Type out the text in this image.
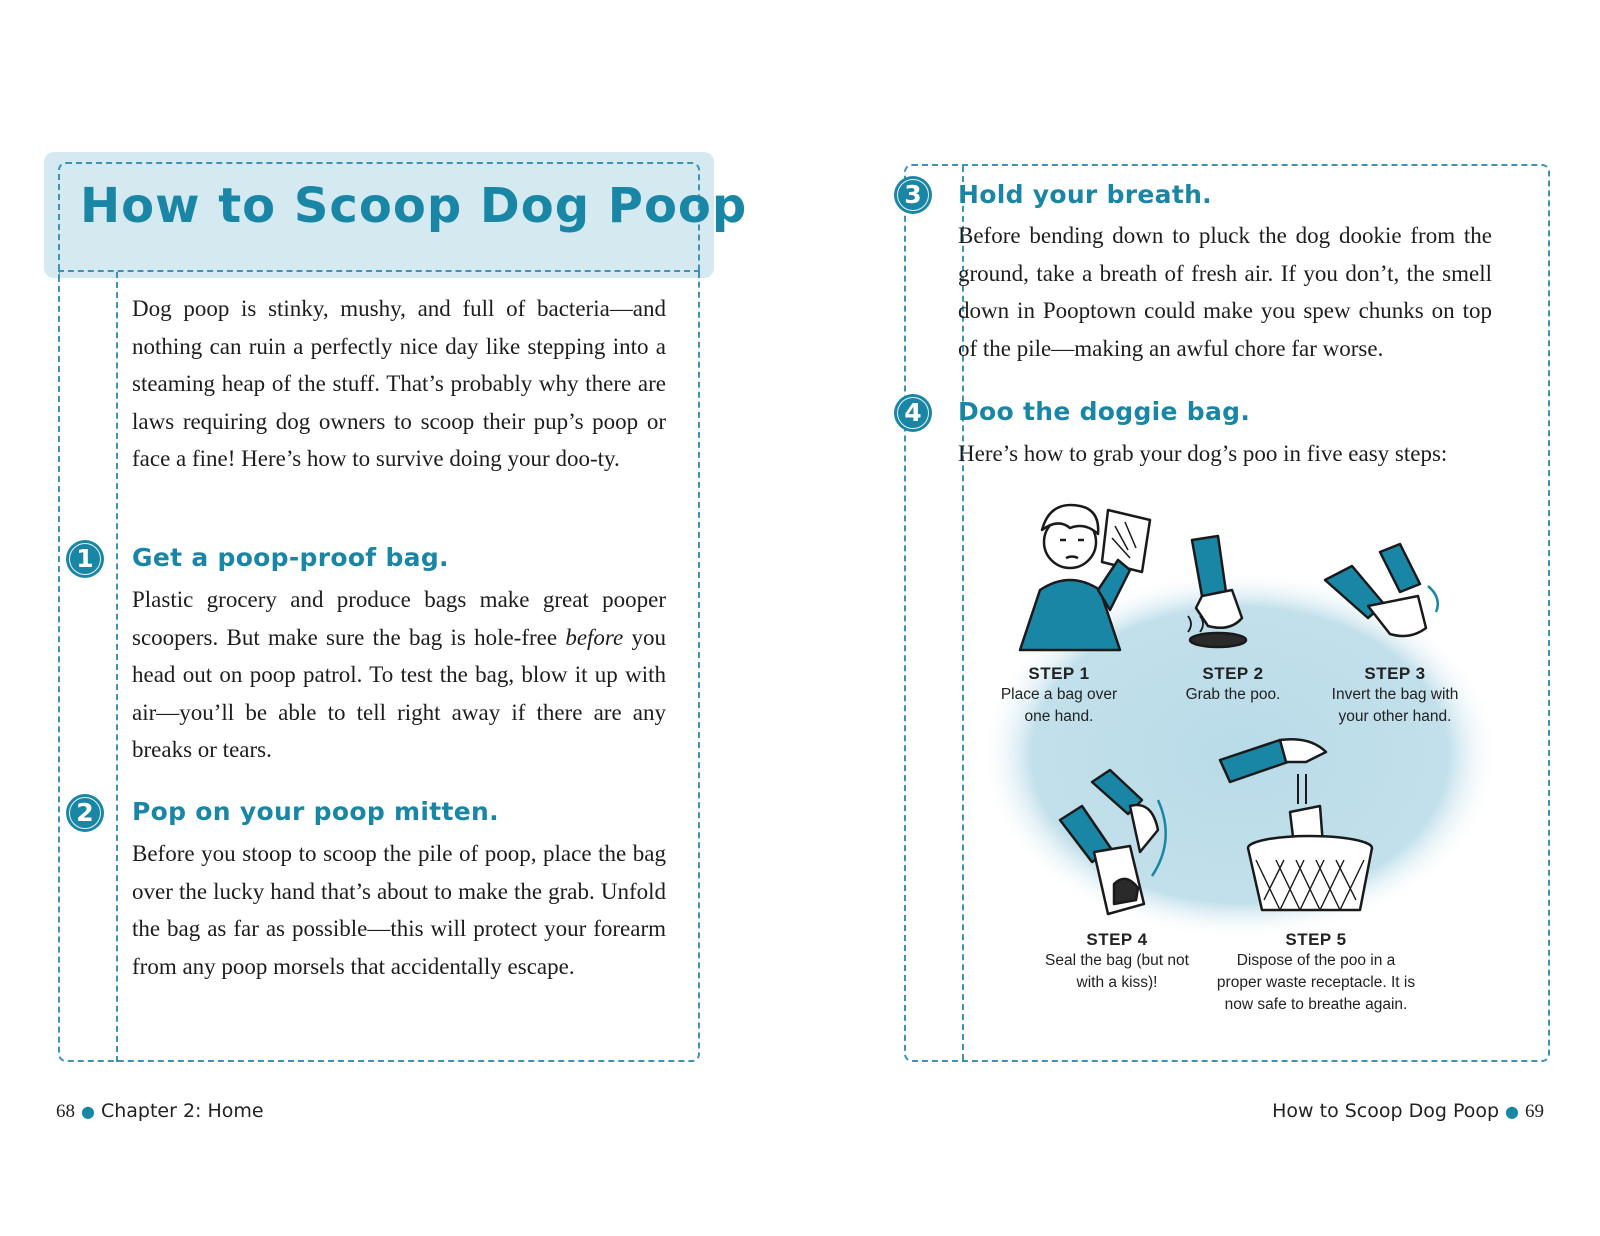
How to Scoop Dog Poop

Dog poop is stinky, mushy, and full of bacteria—and nothing can ruin a perfectly nice day like stepping into a steaming heap of the stuff. That’s probably why there are laws requiring dog owners to scoop their pup’s poop or face a fine! Here’s how to survive doing your doo-ty.

1	Get a poop-proof bag.

Plastic grocery and produce bags make great pooper scoopers. But make sure the bag is hole-free before you head out on poop patrol. To test the bag, blow it up with air—you’ll be able to tell right away if there are any breaks or tears.

2	Pop on your poop mitten.

Before you stoop to scoop the pile of poop, place the bag over the lucky hand that’s about to make the grab. Unfold the bag as far as possible—this will protect your forearm from any poop morsels that accidentally escape.

68 ● Chapter 2: Home
3	Hold your breath.

Before bending down to pluck the dog dookie from the ground, take a breath of fresh air. If you don’t, the smell down in Pooptown could make you spew chunks on top of the pile—making an awful chore far worse.

4	Doo the doggie bag.

Here’s how to grab your dog’s poo in five easy steps:

STEP 1
Place a bag over
one hand.
STEP 2
Grab the poo.
STEP 3
Invert the bag with
your other hand.
STEP 4
Seal the bag (but not
with a kiss)!
STEP 5
Dispose of the poo in a
proper waste receptacle. It is
now safe to breathe again.
How to Scoop Dog Poop ● 69
